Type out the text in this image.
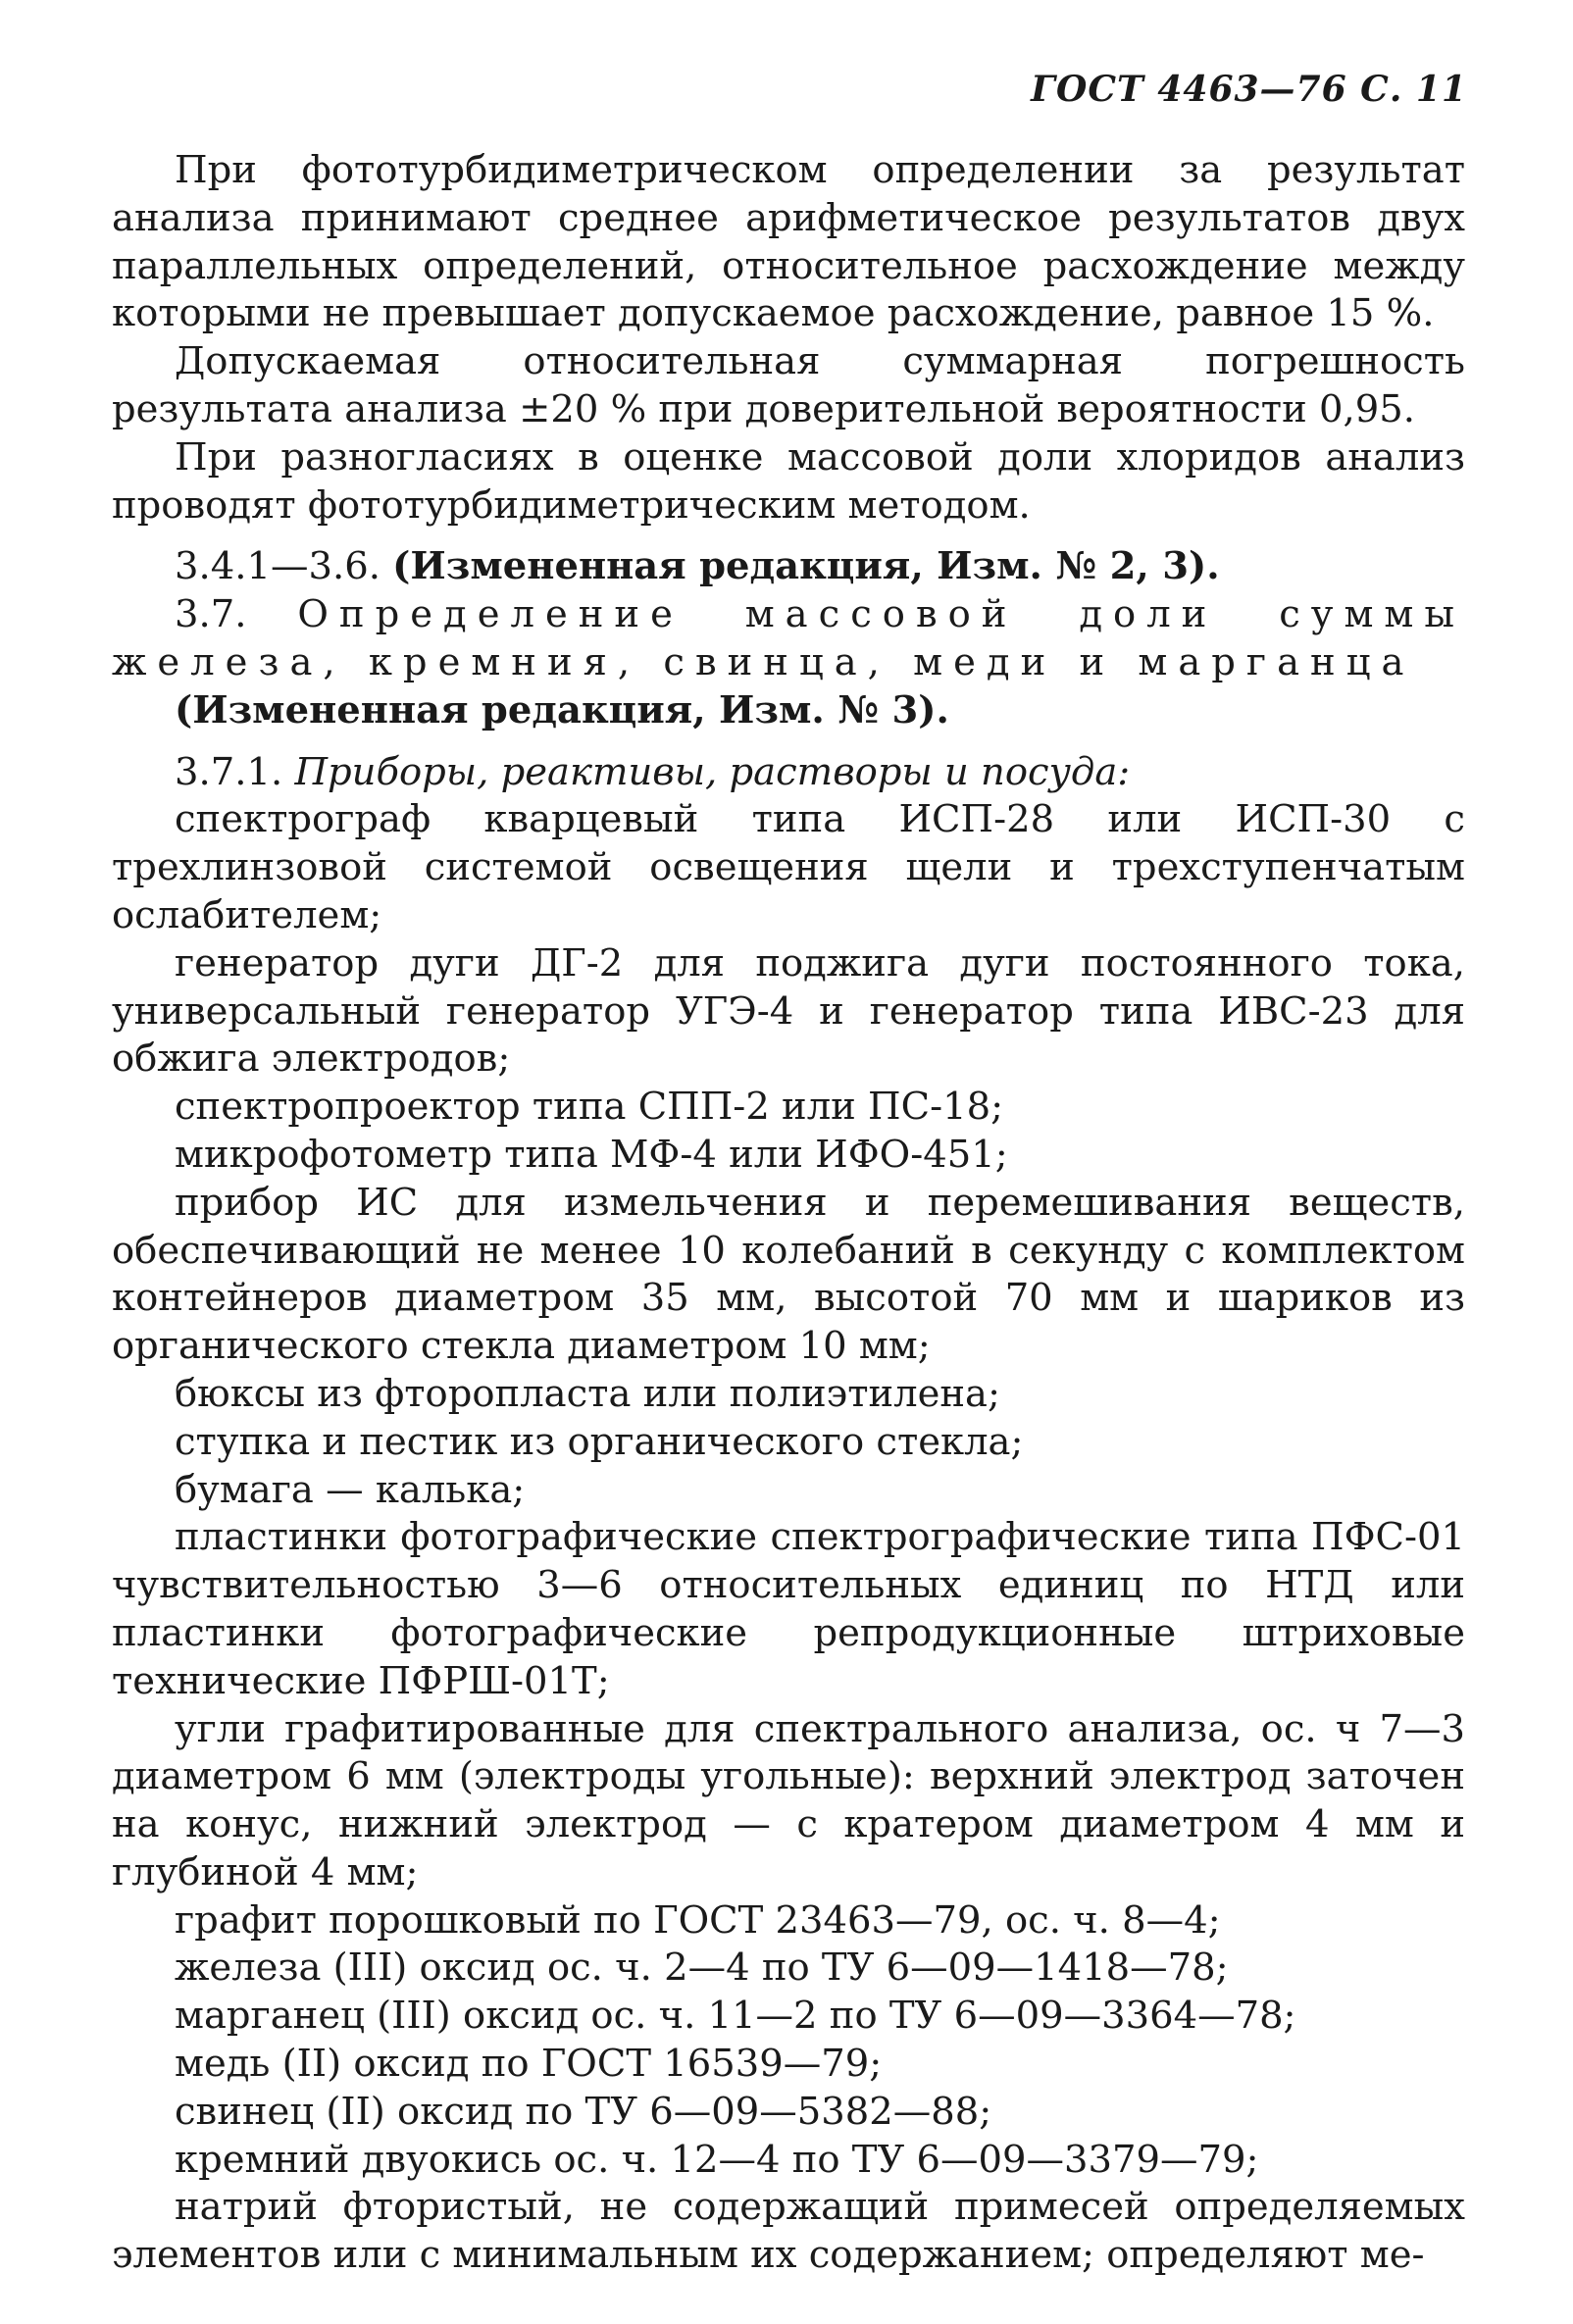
ГОСТ 4463—76 С. 11

При фототурбидиметрическом определении за результат анализа принимают среднее арифметическое результатов двух параллельных определений, относительное расхождение между которыми не превышает допускаемое расхождение, равное 15 %.

Допускаемая относительная суммарная погрешность результата анализа ±20 % при доверительной вероятности 0,95.

При разногласиях в оценке массовой доли хлоридов анализ проводят фототурбидиметрическим методом.

3.4.1—3.6. (Измененная редакция, Изм. № 2, 3).

3.7. Определение массовой доли суммы железа, кремния, свинца, меди и марганца

(Измененная редакция, Изм. № 3).

3.7.1. Приборы, реактивы, растворы и посуда:

спектрограф кварцевый типа ИСП-28 или ИСП-30 с трехлинзовой системой освещения щели и трехступенчатым ослабителем;

генератор дуги ДГ-2 для поджига дуги постоянного тока, универсальный генератор УГЭ-4 и генератор типа ИВС-23 для обжига электродов;

спектропроектор типа СПП-2 или ПС-18;

микрофотометр типа МФ-4 или ИФО-451;

прибор ИС для измельчения и перемешивания веществ, обеспечивающий не менее 10 колебаний в секунду с комплектом контейнеров диаметром 35 мм, высотой 70 мм и шариков из органического стекла диаметром 10 мм;

бюксы из фторопласта или полиэтилена;

ступка и пестик из органического стекла;

бумага — калька;

пластинки фотографические спектрографические типа ПФС-01 чувствительностью 3—6 относительных единиц по НТД или пластинки фотографические репродукционные штриховые технические ПФРШ-01Т;

угли графитированные для спектрального анализа, ос. ч 7—3 диаметром 6 мм (электроды угольные): верхний электрод заточен на конус, нижний электрод — с кратером диаметром 4 мм и глубиной 4 мм;

графит порошковый по ГОСТ 23463—79, ос. ч. 8—4;

железа (III) оксид ос. ч. 2—4 по ТУ 6—09—1418—78;

марганец (III) оксид ос. ч. 11—2 по ТУ 6—09—3364—78;

медь (II) оксид по ГОСТ 16539—79;

свинец (II) оксид по ТУ 6—09—5382—88;

кремний двуокись ос. ч. 12—4 по ТУ 6—09—3379—79;

натрий фтористый, не содержащий примесей определяемых элементов или с минимальным их содержанием; определяют ме-
